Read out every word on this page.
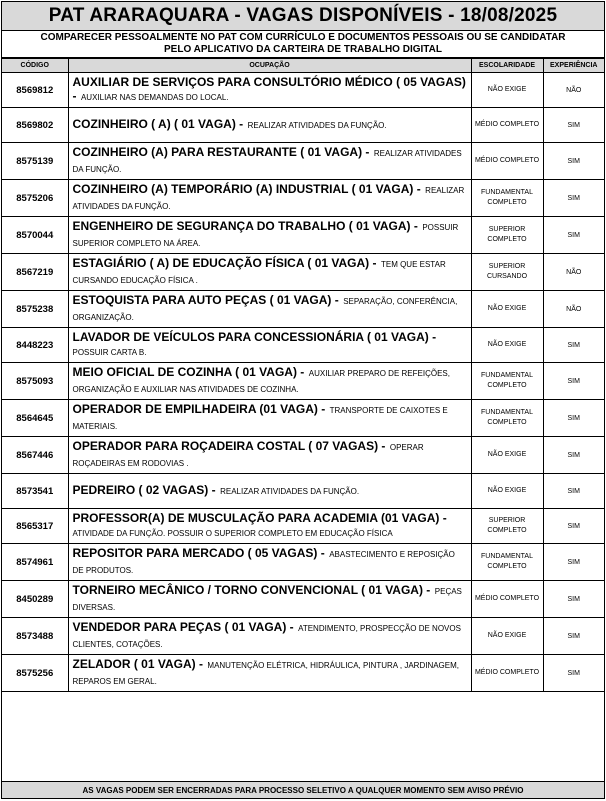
PAT ARARAQUARA - VAGAS DISPONÍVEIS - 18/08/2025
COMPARECER PESSOALMENTE NO PAT COM CURRÍCULO E DOCUMENTOS PESSOAIS OU SE CANDIDATAR
PELO APLICATIVO DA CARTEIRA DE TRABALHO DIGITAL
CÓDIGO	OCUPAÇÃO	ESCOLARIDADE	EXPERIÊNCIA
8569812	AUXILIAR DE SERVIÇOS PARA CONSULTÓRIO MÉDICO ( 05 VAGAS) - AUXILIAR NAS DEMANDAS DO LOCAL.	NÃO EXIGE	NÃO
8569802	COZINHEIRO ( A) ( 01 VAGA) - REALIZAR ATIVIDADES DA FUNÇÃO.	MÉDIO COMPLETO	SIM
8575139	COZINHEIRO (A) PARA RESTAURANTE ( 01 VAGA) - REALIZAR ATIVIDADES DA FUNÇÃO.	MÉDIO COMPLETO	SIM
8575206	COZINHEIRO (A) TEMPORÁRIO (A) INDUSTRIAL ( 01 VAGA) - REALIZAR ATIVIDADES DA FUNÇÃO.	FUNDAMENTAL COMPLETO	SIM
8570044	ENGENHEIRO DE SEGURANÇA DO TRABALHO ( 01 VAGA) - POSSUIR SUPERIOR COMPLETO NA ÁREA.	SUPERIOR COMPLETO	SIM
8567219	ESTAGIÁRIO ( A) DE EDUCAÇÃO FÍSICA ( 01 VAGA) - TEM QUE ESTAR CURSANDO EDUCAÇÃO FÍSICA .	SUPERIOR CURSANDO	NÃO
8575238	ESTOQUISTA PARA AUTO PEÇAS ( 01 VAGA) - SEPARAÇÃO, CONFERÊNCIA, ORGANIZAÇÃO.	NÃO EXIGE	NÃO
8448223	LAVADOR DE VEÍCULOS PARA CONCESSIONÁRIA ( 01 VAGA) - POSSUIR CARTA B.	NÃO EXIGE	SIM
8575093	MEIO OFICIAL DE COZINHA ( 01 VAGA) - AUXILIAR PREPARO DE REFEIÇÕES, ORGANIZAÇÃO E AUXILIAR NAS ATIVIDADES DE COZINHA.	FUNDAMENTAL COMPLETO	SIM
8564645	OPERADOR DE EMPILHADEIRA (01 VAGA) - TRANSPORTE DE CAIXOTES E MATERIAIS.	FUNDAMENTAL COMPLETO	SIM
8567446	OPERADOR PARA ROÇADEIRA COSTAL ( 07 VAGAS) - OPERAR ROÇADEIRAS EM RODOVIAS .	NÃO EXIGE	SIM
8573541	PEDREIRO ( 02 VAGAS) - REALIZAR ATIVIDADES DA FUNÇÃO.	NÃO EXIGE	SIM
8565317	PROFESSOR(A) DE MUSCULAÇÃO PARA ACADEMIA (01 VAGA) - ATIVIDADE DA FUNÇÃO. POSSUIR O SUPERIOR COMPLETO EM EDUCAÇÃO FÍSICA	SUPERIOR COMPLETO	SIM
8574961	REPOSITOR PARA MERCADO ( 05 VAGAS) - ABASTECIMENTO E REPOSIÇÃO DE PRODUTOS.	FUNDAMENTAL COMPLETO	SIM
8450289	TORNEIRO MECÂNICO / TORNO CONVENCIONAL ( 01 VAGA) - PEÇAS DIVERSAS.	MÉDIO COMPLETO	SIM
8573488	VENDEDOR PARA PEÇAS ( 01 VAGA) - ATENDIMENTO, PROSPECÇÃO DE NOVOS CLIENTES, COTAÇÕES.	NÃO EXIGE	SIM
8575256	ZELADOR ( 01 VAGA) - MANUTENÇÃO ELÉTRICA, HIDRÁULICA, PINTURA , JARDINAGEM, REPAROS EM GERAL.	MÉDIO COMPLETO	SIM
AS VAGAS PODEM SER ENCERRADAS PARA PROCESSO SELETIVO A QUALQUER MOMENTO SEM AVISO PRÉVIO
